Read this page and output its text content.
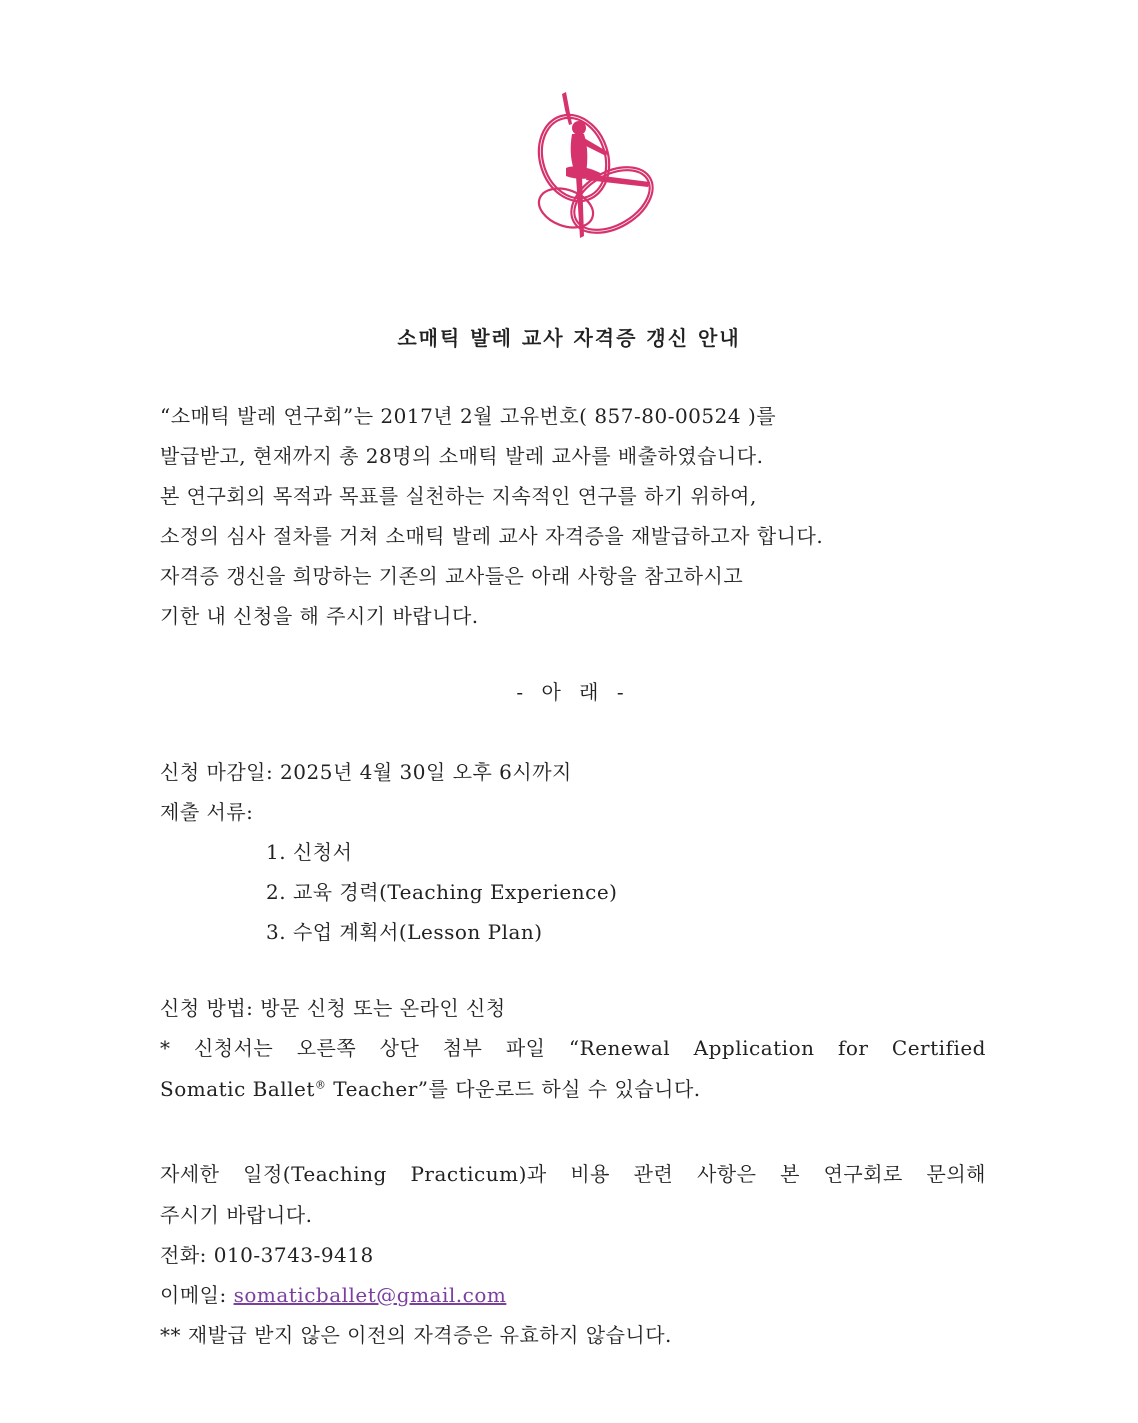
소매틱 발레 교사 자격증 갱신 안내
“소매틱 발레 연구회”는 2017년 2월 고유번호( 857-80-00524 )를
발급받고, 현재까지 총 28명의 소매틱 발레 교사를 배출하였습니다.
본 연구회의 목적과 목표를 실천하는 지속적인 연구를 하기 위하여,
소정의 심사 절차를 거쳐 소매틱 발레 교사 자격증을 재발급하고자 합니다.
자격증 갱신을 희망하는 기존의 교사들은 아래 사항을 참고하시고
기한 내 신청을 해 주시기 바랍니다.
- 아 래 -
신청 마감일: 2025년 4월 30일 오후 6시까지
제출 서류:
1. 신청서
2. 교육 경력(Teaching Experience)
3. 수업 계획서(Lesson Plan)
신청 방법: 방문 신청 또는 온라인 신청
* 신청서는 오른쪽 상단 첨부 파일 “Renewal Application for Certified
Somatic Ballet® Teacher”를 다운로드 하실 수 있습니다.
자세한 일정(Teaching Practicum)과 비용 관련 사항은 본 연구회로 문의해
주시기 바랍니다.
전화: 010-3743-9418
이메일: somaticballet@gmail.com
** 재발급 받지 않은 이전의 자격증은 유효하지 않습니다.
